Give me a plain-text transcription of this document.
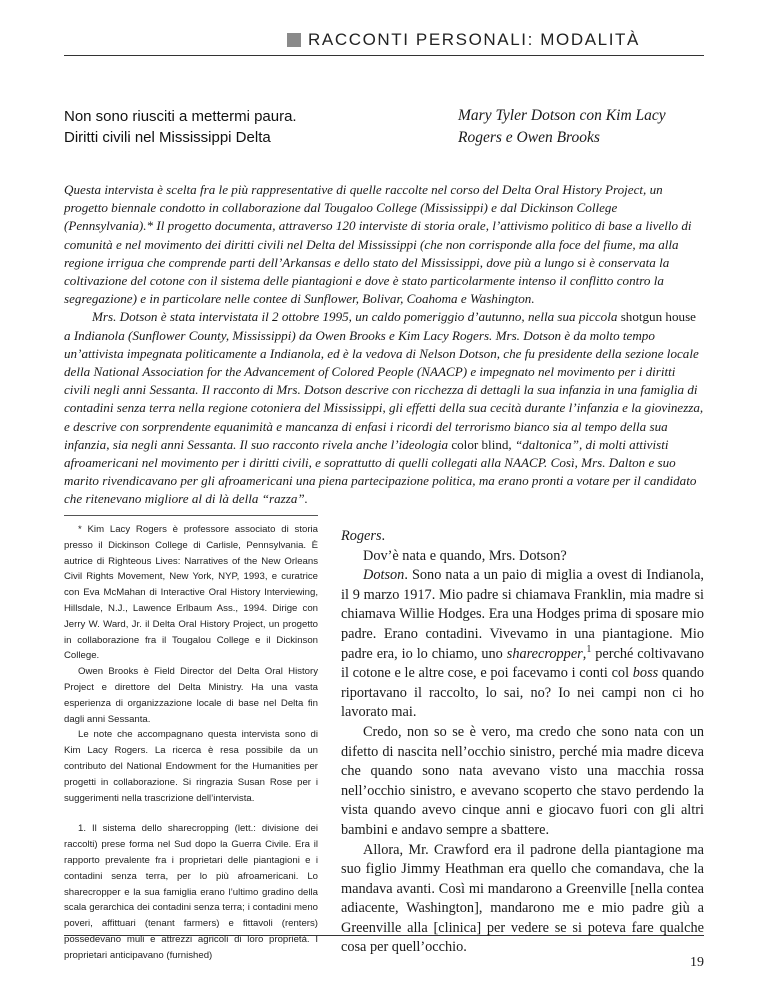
RACCONTI PERSONALI: MODALITÀ
Non sono riusciti a mettermi paura.
Diritti civili nel Mississippi Delta
Mary Tyler Dotson con Kim Lacy
Rogers e Owen Brooks

Questa intervista è scelta fra le più rappresentative di quelle raccolte nel corso del Delta Oral History Project, un progetto biennale condotto in collaborazione dal Tougaloo College (Mississippi) e dal Dickinson College (Pennsylvania).* Il progetto documenta, attraverso 120 interviste di storia orale, l’attivismo politico di base a livello di comunità e nel movimento dei diritti civili nel Delta del Mississippi (che non corrisponde alla foce del fiume, ma alla regione irrigua che comprende parti dell’Arkansas e dello stato del Mississippi, dove più a lungo si è conservata la coltivazione del cotone con il sistema delle piantagioni e dove è stato particolarmente intenso il conflitto contro la segregazione) e in particolare nelle contee di Sunflower, Bolivar, Coahoma e Washington.

Mrs. Dotson è stata intervistata il 2 ottobre 1995, un caldo pomeriggio d’autunno, nella sua piccola shotgun house a Indianola (Sunflower County, Mississippi) da Owen Brooks e Kim Lacy Rogers. Mrs. Dotson è da molto tempo un’attivista impegnata politicamente a Indianola, ed è la vedova di Nelson Dotson, che fu presidente della sezione locale della National Association for the Advancement of Colored People (NAACP) e impegnato nel movimento per i diritti civili negli anni Sessanta. Il racconto di Mrs. Dotson descrive con ricchezza di dettagli la sua infanzia in una famiglia di contadini senza terra nella regione cotoniera del Mississippi, gli effetti della sua cecità durante l’infanzia e la giovinezza, e descrive con sorprendente equanimità e mancanza di enfasi i ricordi del terrorismo bianco sia al tempo della sua infanzia, sia negli anni Sessanta. Il suo racconto rivela anche l’ideologia color blind, “daltonica”, di molti attivisti afroamericani nel movimento per i diritti civili, e soprattutto di quelli collegati alla NAACP. Così, Mrs. Dalton e suo marito rivendicavano per gli afroamericani una piena partecipazione politica, ma erano pronti a votare per il candidato che ritenevano migliore al di là della “razza”.

* Kim Lacy Rogers è professore associato di storia presso il Dickinson College di Carlisle, Pennsylvania. È autrice di Righteous Lives: Narratives of the New Orleans Civil Rights Movement, New York, NYP, 1993, e curatrice con Eva McMahan di Interactive Oral History Interviewing, Hillsdale, N.J., Lawence Erlbaum Ass., 1994. Dirige con Jerry W. Ward, Jr. il Delta Oral History Project, un progetto in collaborazione fra il Tougalou College e il Dickinson College.

Owen Brooks è Field Director del Delta Oral History Project e direttore del Delta Ministry. Ha una vasta esperienza di organizzazione locale di base nel Delta fin dagli anni Sessanta.

Le note che accompagnano questa intervista sono di Kim Lacy Rogers. La ricerca è resa possibile da un contributo del National Endowment for the Humanities per progetti in collaborazione. Si ringrazia Susan Rose per i suggerimenti nella trascrizione dell’intervista.

1. Il sistema dello sharecropping (lett.: divisione dei raccolti) prese forma nel Sud dopo la Guerra Civile. Era il rapporto prevalente fra i proprietari delle piantagioni e i contadini senza terra, per lo più afroamericani. Lo sharecropper e la sua famiglia erano l’ultimo gradino della scala gerarchica dei contadini senza terra; i contadini meno poveri, affittuari (tenant farmers) e fittavoli (renters) possedevano muli e attrezzi agricoli di loro proprietà. I proprietari anticipavano (furnished)

Rogers.

Dov’è nata e quando, Mrs. Dotson?

Dotson. Sono nata a un paio di miglia a ovest di Indianola, il 9 marzo 1917. Mio padre si chiamava Franklin, mia madre si chiamava Willie Hodges. Era una Hodges prima di sposare mio padre. Erano contadini. Vivevamo in una piantagione. Mio padre era, io lo chiamo, uno sharecropper,$^1$ perché coltivavano il cotone e le altre cose, e poi facevamo i conti col boss quando riportavano il raccolto, lo sai, no? Io nei campi non ci ho lavorato mai.

Credo, non so se è vero, ma credo che sono nata con un difetto di nascita nell’occhio sinistro, perché mia madre diceva che quando sono nata avevano visto una macchia rossa nell’occhio sinistro, e avevano scoperto che stavo perdendo la vista quando avevo cinque anni e giocavo fuori con gli altri bambini e andavo sempre a sbattere.

Allora, Mr. Crawford era il padrone della piantagione ma suo figlio Jimmy Heathman era quello che comandava, che la mandava avanti. Così mi mandarono a Greenville [nella contea adiacente, Washington], mandarono me e mio padre giù a Greenville alla [clinica] per vedere se si poteva fare qualche cosa per quell’occhio.

19
